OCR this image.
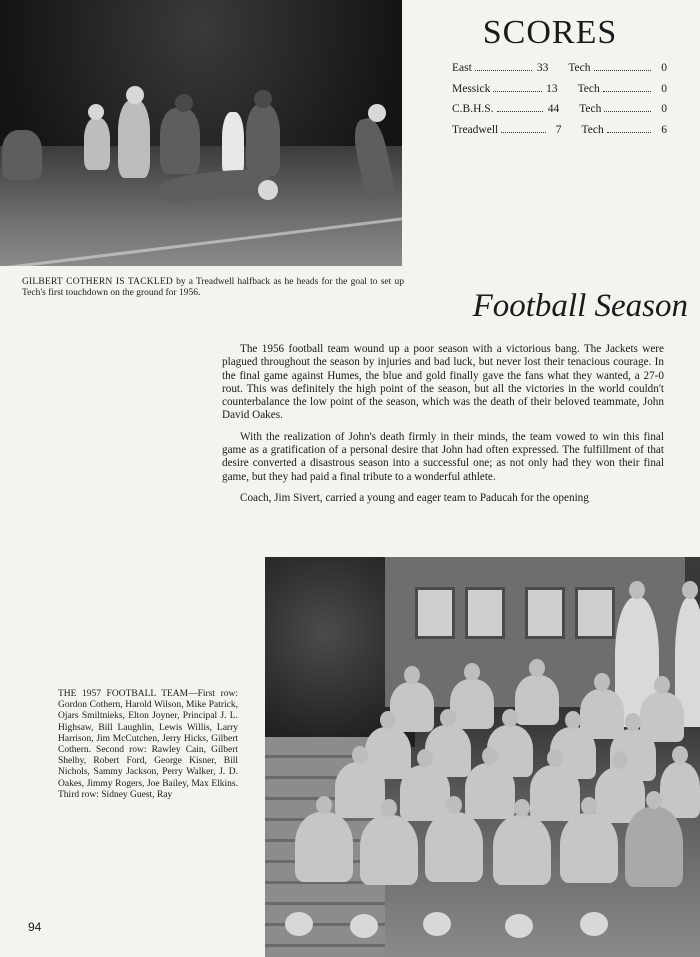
GILBERT COTHERN IS TACKLED by a Treadwell halfback as he heads for the goal to set up Tech's first touchdown on the ground for 1956.
SCORES
East	33 Tech	0
Messick	13 Tech	0
C.B.H.S.	44 Tech	0
Treadwell	7 Tech	6
Football Season

The 1956 football team wound up a poor season with a victorious bang. The Jackets were plagued throughout the season by injuries and bad luck, but never lost their tenacious courage. In the final game against Humes, the blue and gold finally gave the fans what they wanted, a 27-0 rout. This was definitely the high point of the season, but all the victories in the world couldn't counterbalance the low point of the season, which was the death of their beloved teammate, John David Oakes.

With the realization of John's death firmly in their minds, the team vowed to win this final game as a gratification of a personal desire that John had often expressed. The fulfillment of that desire converted a disastrous season into a successful one; as not only had they won their final game, but they had paid a final tribute to a wonderful athlete.

Coach, Jim Sivert, carried a young and eager team to Paducah for the opening

THE 1957 FOOTBALL TEAM—First row: Gordon Cothern, Harold Wilson, Mike Patrick, Ojars Smiltnieks, Elton Joyner, Principal J. L. Highsaw, Bill Laughlin, Lewis Willis, Larry Harrison, Jim McCutchen, Jerry Hicks, Gilbert Cothern. Second row: Rawley Cain, Gilbert Shelby, Robert Ford, George Kisner, Bill Nichols, Sammy Jackson, Perry Walker, J. D. Oakes, Jimmy Rogers, Joe Bailey, Max Elkins. Third row: Sidney Guest, Ray
94
